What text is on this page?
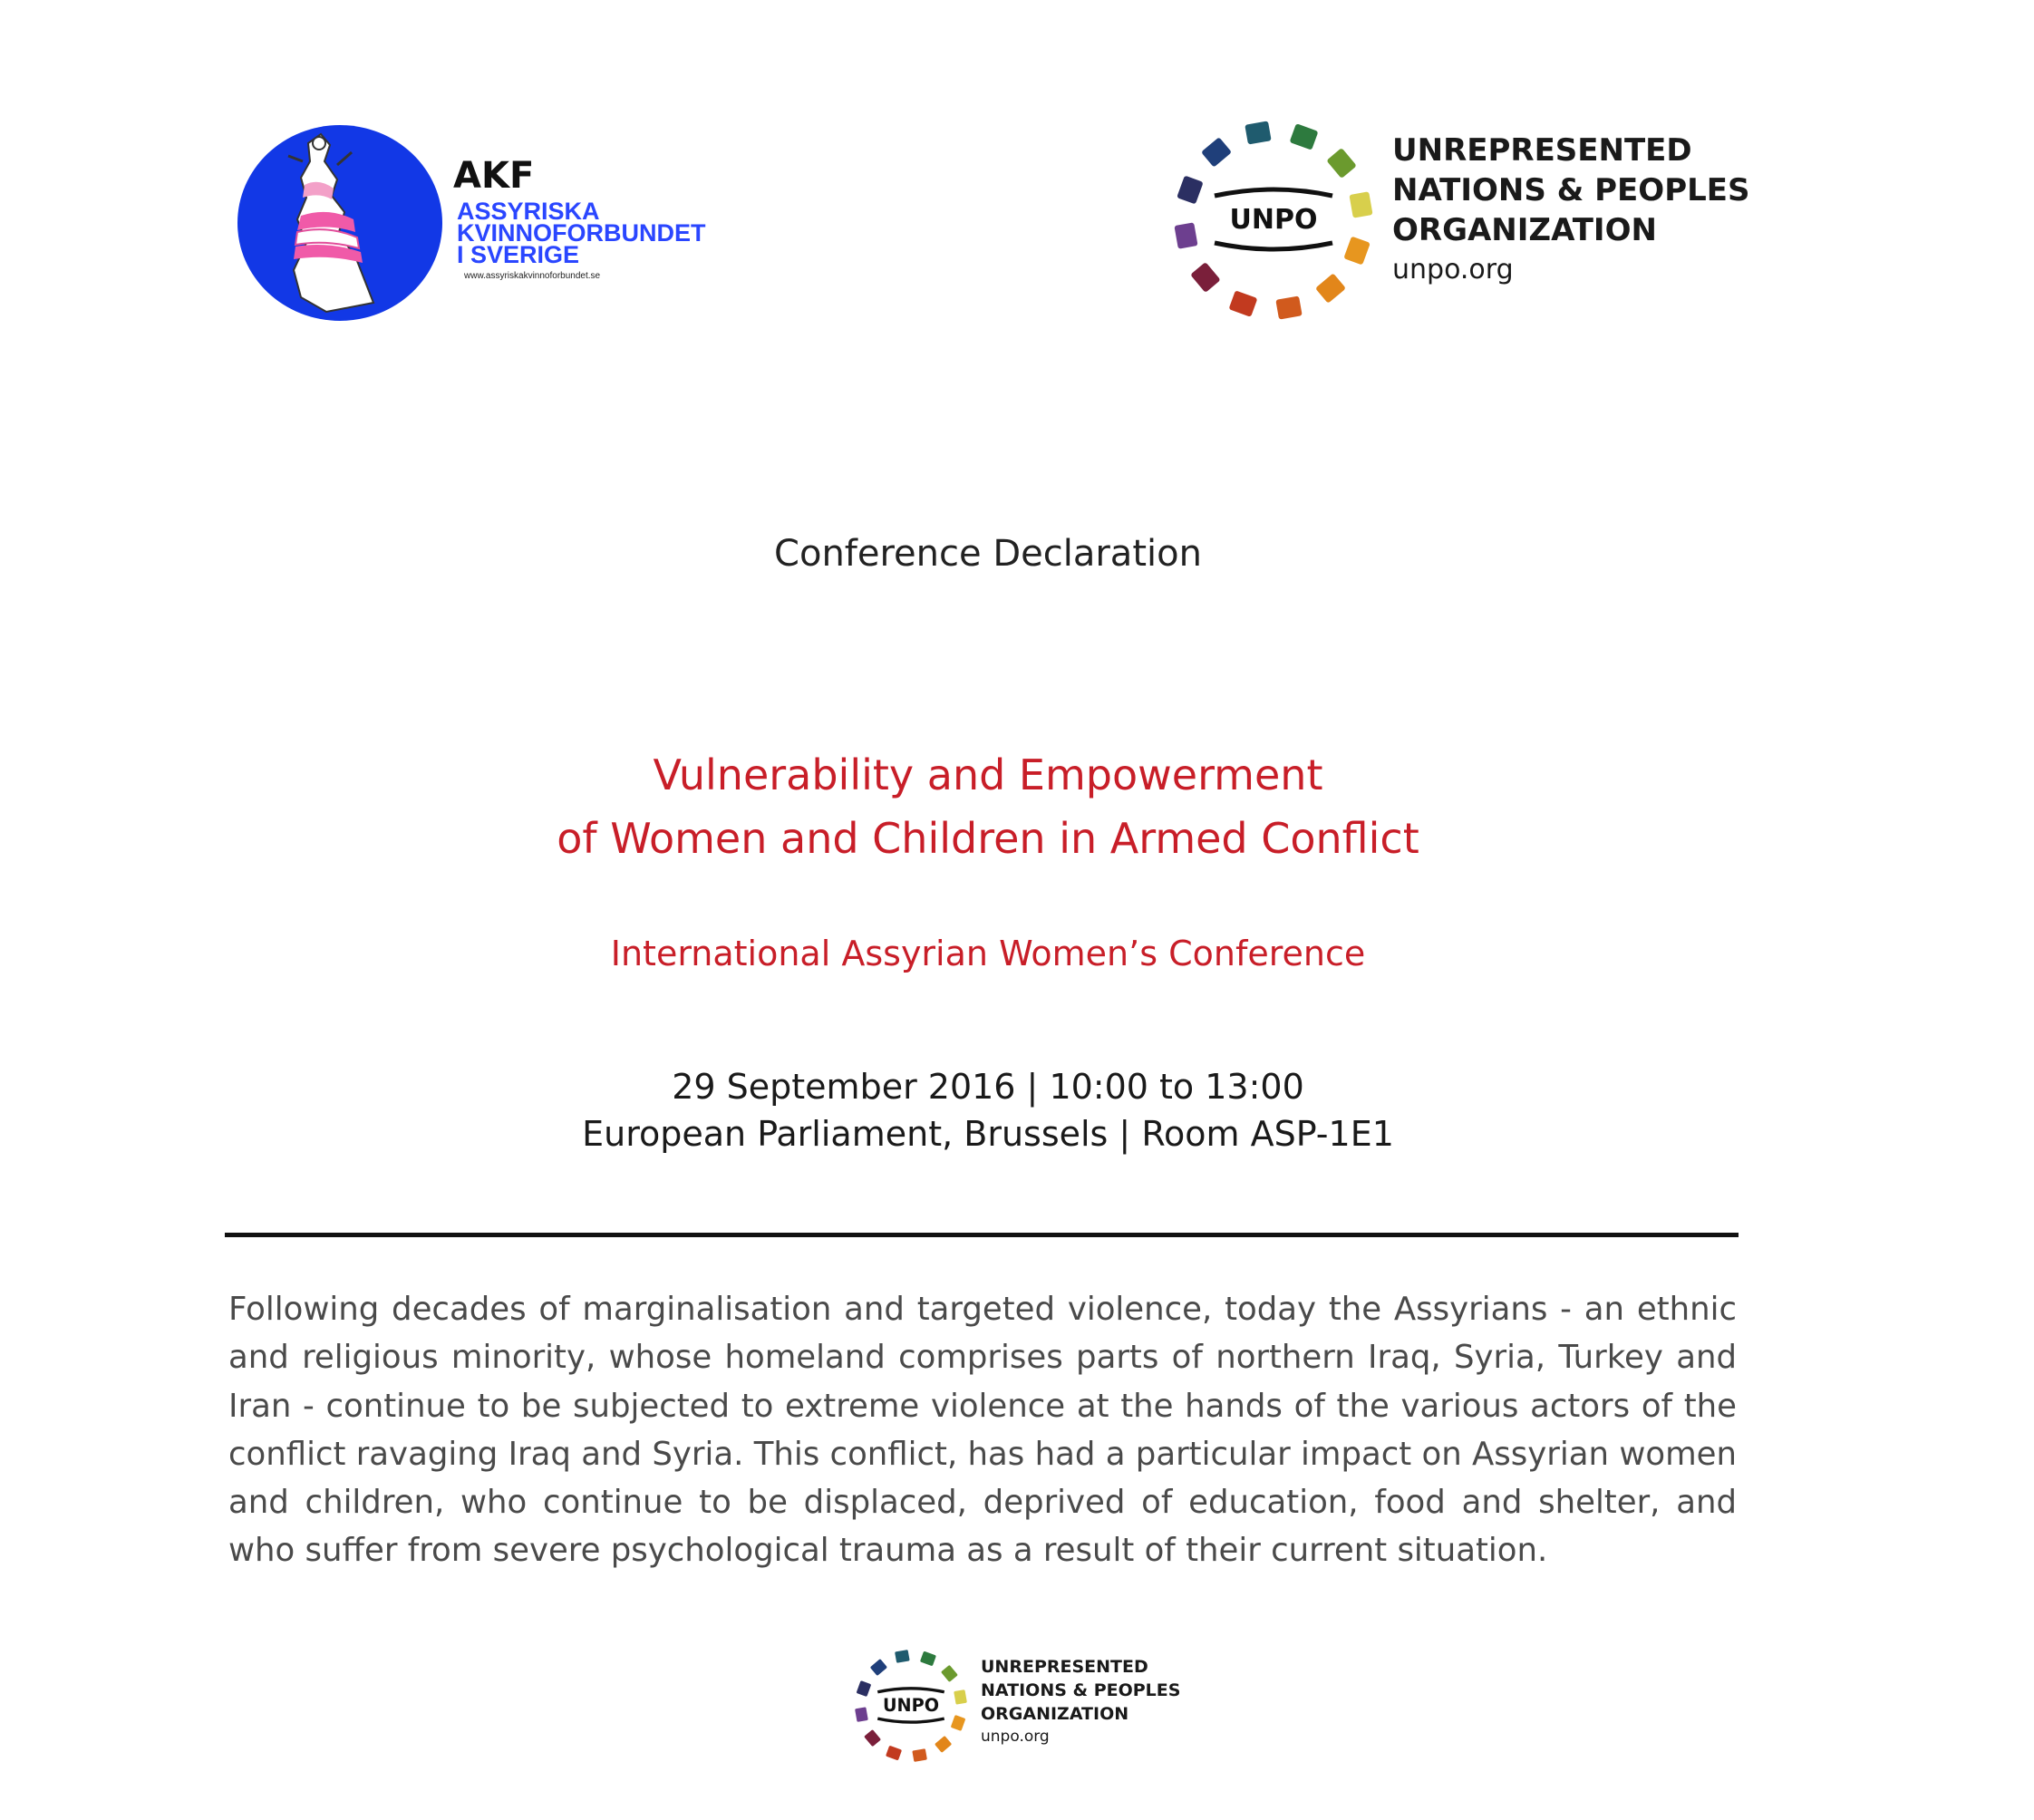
AKF
ASSYRISKA
KVINNOFORBUNDET
I SVERIGE
www.assyriskakvinnoforbundet.se
UNPO
UNREPRESENTED
NATIONS & PEOPLES
ORGANIZATION
unpo.org
Conference Declaration
Vulnerability and Empowerment
of Women and Children in Armed Conflict
International Assyrian Women’s Conference
29 September 2016 | 10:00 to 13:00
European Parliament, Brussels | Room ASP-1E1
Following decades of marginalisation and targeted violence, today the Assyrians - an ethnic and religious minority, whose homeland comprises parts of northern Iraq, Syria, Turkey and Iran - continue to be subjected to extreme violence at the hands of the various actors of the conflict ravaging Iraq and Syria. This conflict, has had a particular impact on Assyrian women and children, who continue to be displaced, deprived of education, food and shelter, and who suffer from severe psychological trauma as a result of their current situation.
UNPO
UNREPRESENTED
NATIONS & PEOPLES
ORGANIZATION
unpo.org
